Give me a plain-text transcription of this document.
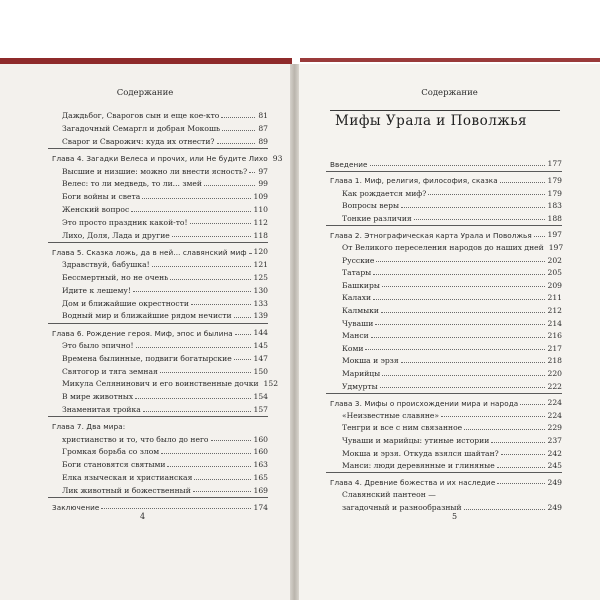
Содержание	Содержание
Мифы Урала и Поволжья
Даждьбог, Сварогов сын и еще кое-кто	81
Загадочный Семаргл и добрая Мокошь	87
Сварог и Сварожич: куда их отнести?	89
Глава 4. Загадки Велеса и прочих, или Не будите Лихо 93
Высшие и низшие: можно ли внести ясность?	97
Велес: то ли медведь, то ли... змей	99
Боги войны и света	109
Женский вопрос	110
Это просто праздник какой-то!	112
Лихо, Доля, Лада и другие	118
Глава 5. Сказка ложь, да в ней... славянский миф 120
Здравствуй, бабушка!	121
Бессмертный, но не очень	125
Идите к лешему!	130
Дом и ближайшие окрестности	133
Водный мир и ближайшие рядом нечисти	139
Глава 6. Рождение героя. Миф, эпос и былина	144
Это было эпично!	145
Времена былинные, подвиги богатырские	147
Святогор и тяга земная	150
Микула Селянинович и его воинственные дочки 152
В мире животных	154
Знаменитая тройка	157
Глава 7. Два мира:
христианство и то, что было до него	160
Громкая борьба со злом	160
Боги становятся святыми	163
Елка языческая и христианская	165
Лик животный и божественный	169
Заключение	174
Введение	177
Глава 1. Миф, религия, философия, сказка	179
Как рождается миф?	179
Вопросы веры	183
Тонкие различия	188
Глава 2. Этнографическая карта Урала и Поволжья	197
От Великого переселения народов до наших дней 197
Русские	202
Татары	205
Башкиры	209
Калахи	211
Калмыки	212
Чуваши	214
Манси	216
Коми	217
Мокша и эрзя	218
Марийцы	220
Удмурты	222
Глава 3. Мифы о происхождении мира и народа	224
«Неизвестные славяне»	224
Тенгри и все с ним связанное	229
Чуваши и марийцы: утиные истории	237
Мокша и эрзя. Откуда взялся шайтан?	242
Манси: люди деревянные и глиняные	245
Глава 4. Древние божества и их наследие	249
Славянский пантеон —
загадочный и разнообразный	249
4	5
